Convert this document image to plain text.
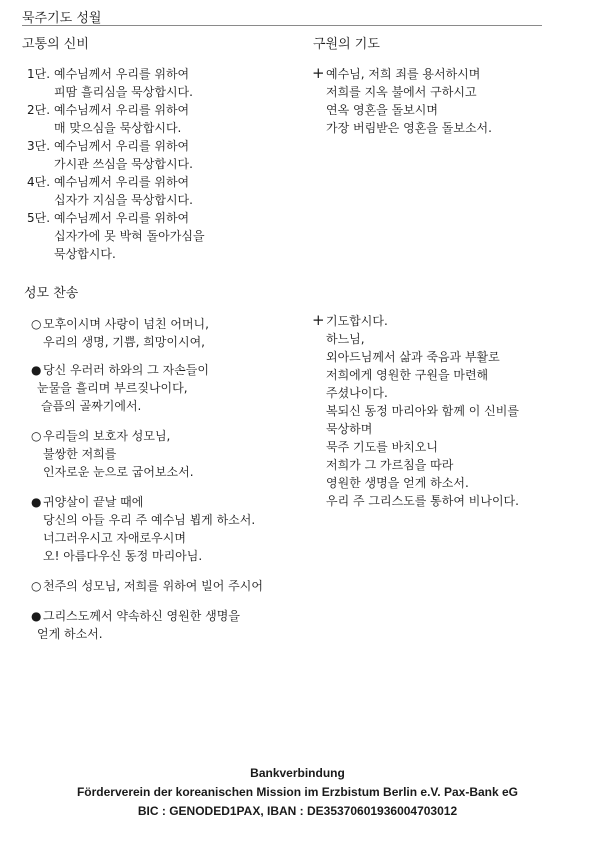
묵주기도 성월
고통의 신비
1단. 예수님께서 우리를 위하여
피땀 흘리심을 묵상합시다.
2단. 예수님께서 우리를 위하여
매 맞으심을 묵상합시다.
3단. 예수님께서 우리를 위하여
가시관 쓰심을 묵상합시다.
4단. 예수님께서 우리를 위하여
십자가 지심을 묵상합시다.
5단. 예수님께서 우리를 위하여
십자가에 못 박혀 돌아가심을
묵상합시다.
구원의 기도
+예수님, 저희 죄를 용서하시며
저희를 지옥 불에서 구하시고
연옥 영혼을 돌보시며
가장 버림받은 영혼을 돌보소서.
성모 찬송
○ 모후이시며 사랑이 넘친 어머니,
우리의 생명, 기쁨, 희망이시여,
● 당신 우러러 하와의 그 자손들이
눈물을 흘리며 부르짖나이다,
슬픔의 골짜기에서.
○ 우리들의 보호자 성모님,
불쌍한 저희를
인자로운 눈으로 굽어보소서.
● 귀양살이 끝날 때에
당신의 아들 우리 주 예수님 뵙게 하소서.
너그러우시고 자애로우시며
오! 아름다우신 동정 마리아님.
○ 천주의 성모님, 저희를 위하여 빌어 주시어
● 그리스도께서 약속하신 영원한 생명을
얻게 하소서.
+기도합시다.
하느님,
외아드님께서 삶과 죽음과 부활로
저희에게 영원한 구원을 마련해
주셨나이다.
복되신 동정 마리아와 함께 이 신비를
묵상하며
묵주 기도를 바치오니
저희가 그 가르침을 따라
영원한 생명을 얻게 하소서.
우리 주 그리스도를 통하여 비나이다.
Bankverbindung
Förderverein der koreanischen Mission im Erzbistum Berlin e.V. Pax-Bank eG
BIC : GENODED1PAX, IBAN : DE35370601936004703012
